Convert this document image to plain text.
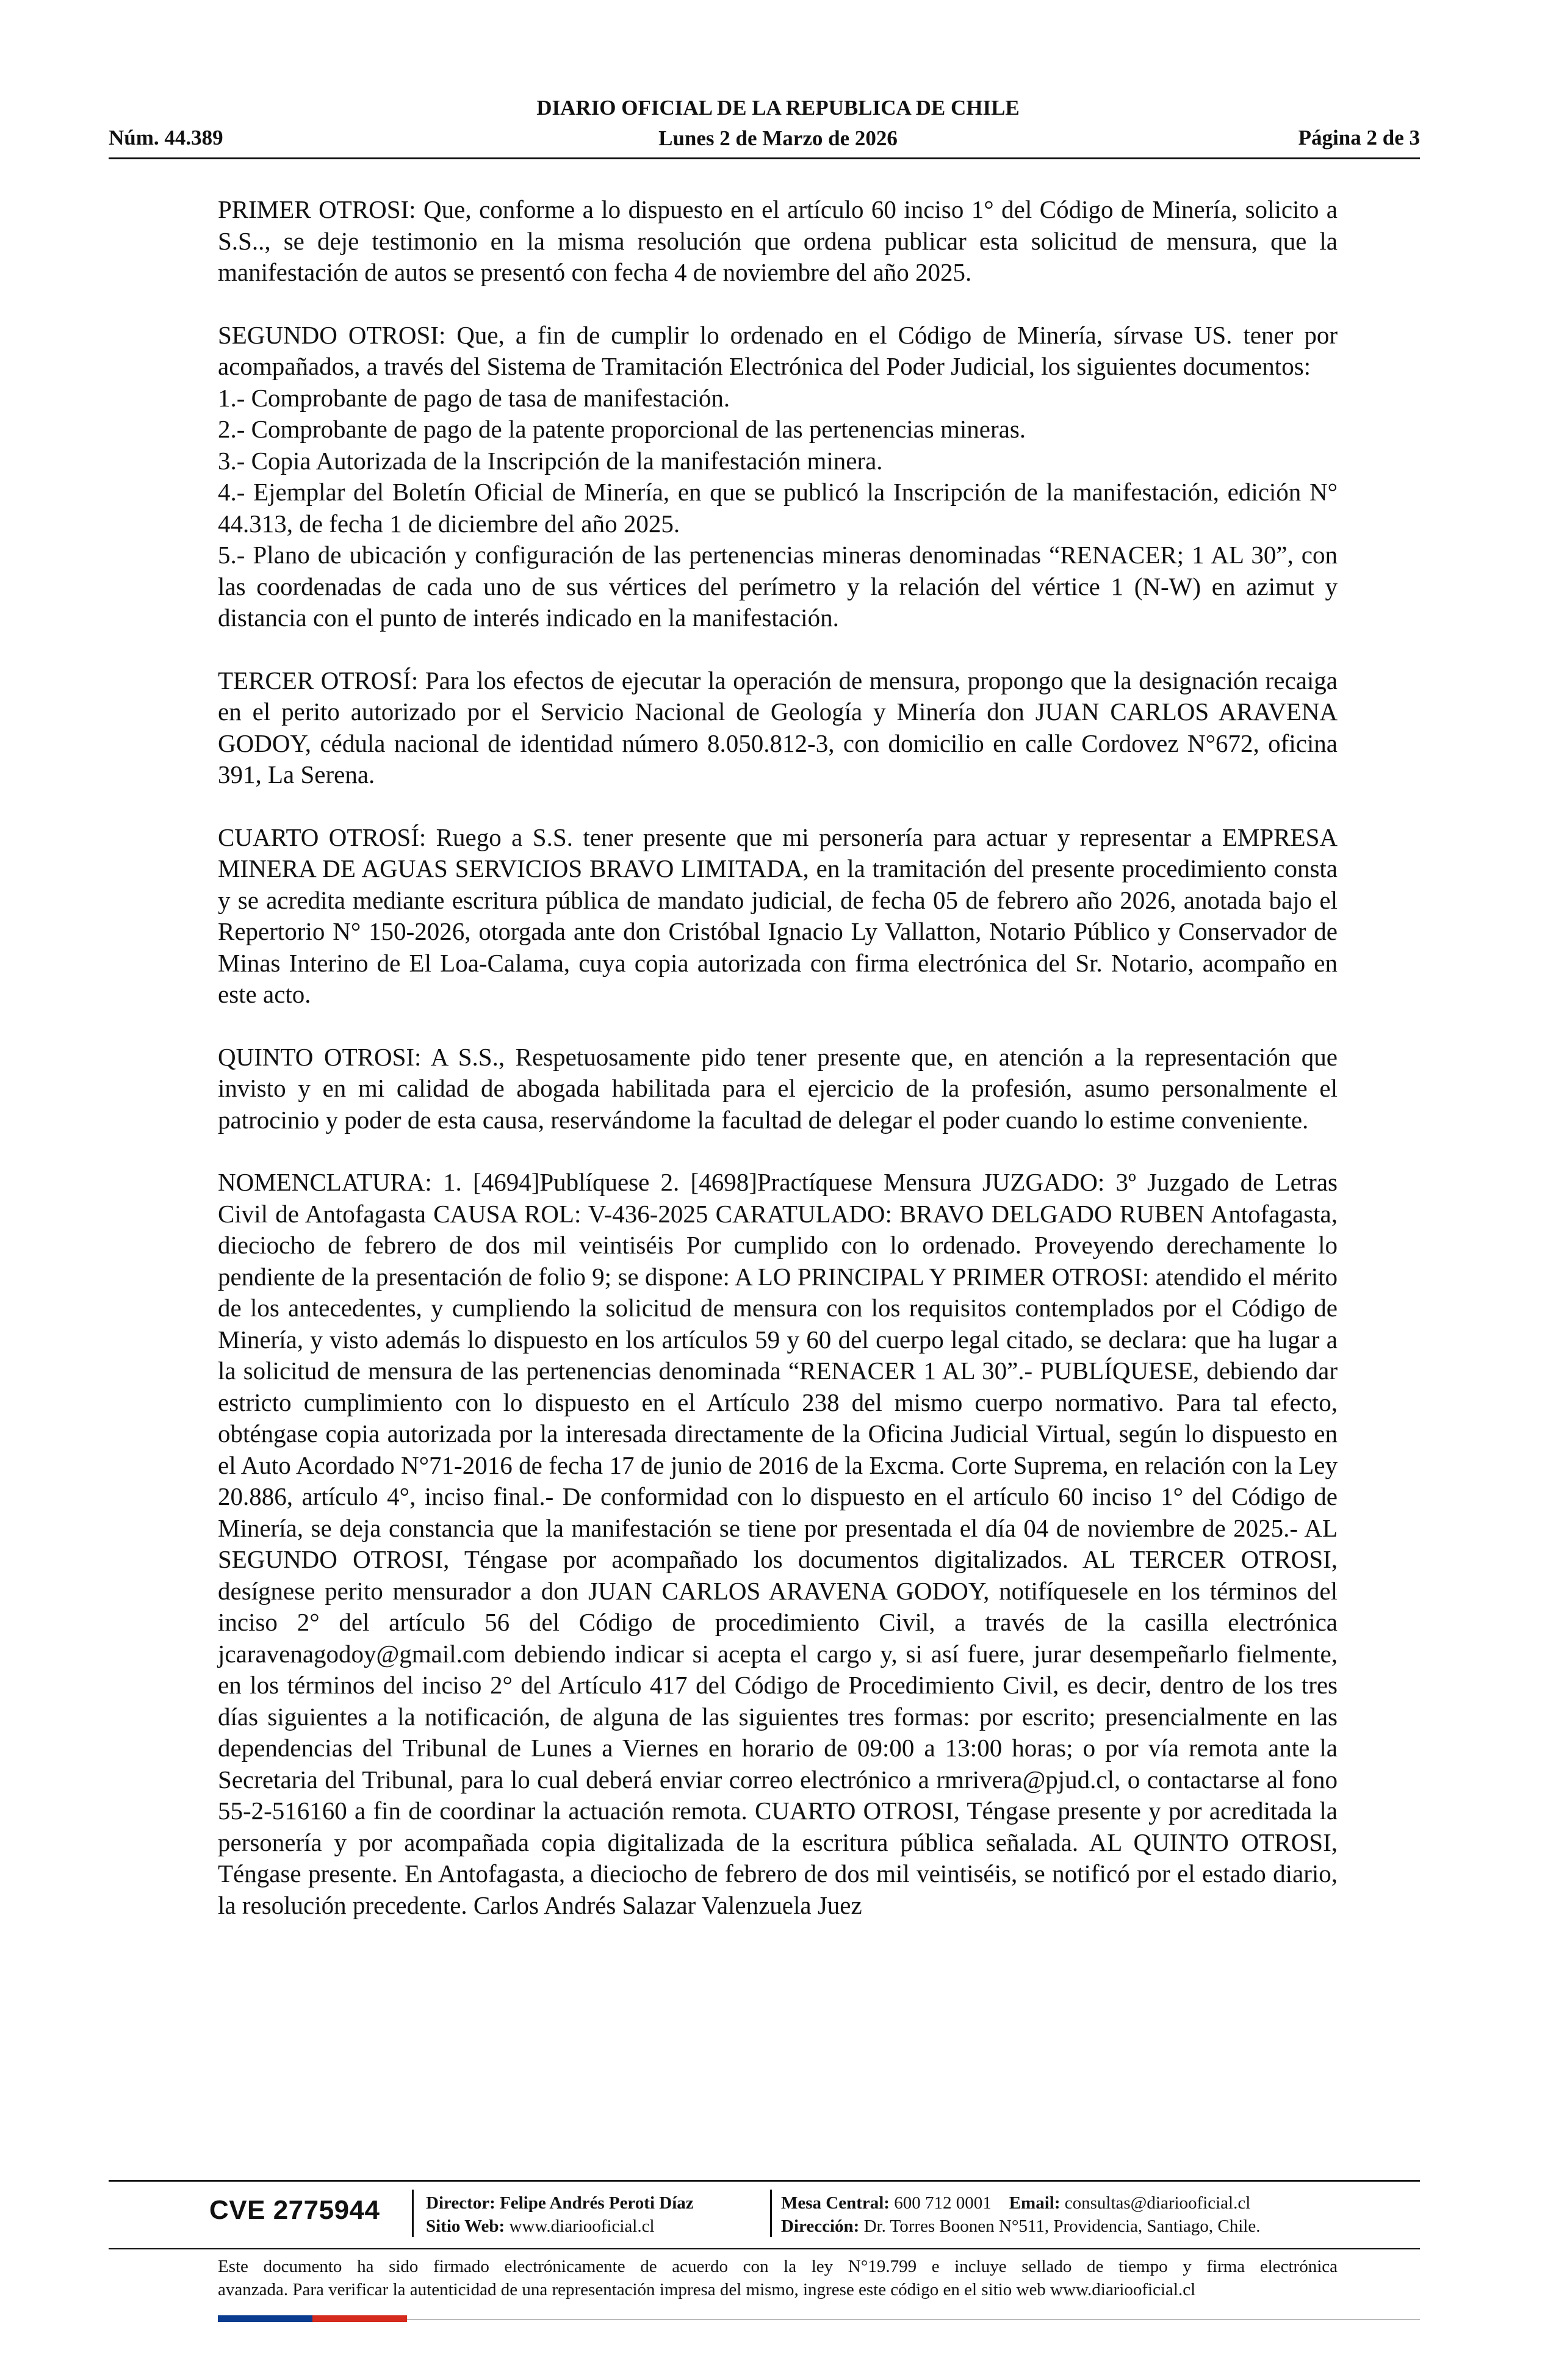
DIARIO OFICIAL DE LA REPUBLICA DE CHILE
Lunes 2 de Marzo de 2026
Núm. 44.389	Página 2 de 3

PRIMER OTROSI: Que, conforme a lo dispuesto en el artículo 60 inciso 1° del Código de Minería, solicito a S.S.., se deje testimonio en la misma resolución que ordena publicar esta solicitud de mensura, que la manifestación de autos se presentó con fecha 4 de noviembre del año 2025.

SEGUNDO OTROSI: Que, a fin de cumplir lo ordenado en el Código de Minería, sírvase US. tener por acompañados, a través del Sistema de Tramitación Electrónica del Poder Judicial, los siguientes documentos:

1.- Comprobante de pago de tasa de manifestación.
2.- Comprobante de pago de la patente proporcional de las pertenencias mineras.
3.- Copia Autorizada de la Inscripción de la manifestación minera.

4.- Ejemplar del Boletín Oficial de Minería, en que se publicó la Inscripción de la manifestación, edición N° 44.313, de fecha 1 de diciembre del año 2025.

5.- Plano de ubicación y configuración de las pertenencias mineras denominadas “RENACER; 1 AL 30”, con las coordenadas de cada uno de sus vértices del perímetro y la relación del vértice 1 (N-W) en azimut y distancia con el punto de interés indicado en la manifestación.

TERCER OTROSÍ: Para los efectos de ejecutar la operación de mensura, propongo que la designación recaiga en el perito autorizado por el Servicio Nacional de Geología y Minería don JUAN CARLOS ARAVENA GODOY, cédula nacional de identidad número 8.050.812-3, con domicilio en calle Cordovez N°672, oficina 391, La Serena.

CUARTO OTROSÍ: Ruego a S.S. tener presente que mi personería para actuar y representar a EMPRESA MINERA DE AGUAS SERVICIOS BRAVO LIMITADA, en la tramitación del presente procedimiento consta y se acredita mediante escritura pública de mandato judicial, de fecha 05 de febrero año 2026, anotada bajo el Repertorio N° 150-2026, otorgada ante don Cristóbal Ignacio Ly Vallatton, Notario Público y Conservador de Minas Interino de El Loa-Calama, cuya copia autorizada con firma electrónica del Sr. Notario, acompaño en este acto.

QUINTO OTROSI: A S.S., Respetuosamente pido tener presente que, en atención a la representación que invisto y en mi calidad de abogada habilitada para el ejercicio de la profesión, asumo personalmente el patrocinio y poder de esta causa, reservándome la facultad de delegar el poder cuando lo estime conveniente.

NOMENCLATURA: 1. [4694]Publíquese 2. [4698]Practíquese Mensura JUZGADO: 3º Juzgado de Letras Civil de Antofagasta CAUSA ROL: V-436-2025 CARATULADO: BRAVO DELGADO RUBEN Antofagasta, dieciocho de febrero de dos mil veintiséis Por cumplido con lo ordenado. Proveyendo derechamente lo pendiente de la presentación de folio 9; se dispone: A LO PRINCIPAL Y PRIMER OTROSI: atendido el mérito de los antecedentes, y cumpliendo la solicitud de mensura con los requisitos contemplados por el Código de Minería, y visto además lo dispuesto en los artículos 59 y 60 del cuerpo legal citado, se declara: que ha lugar a la solicitud de mensura de las pertenencias denominada “RENACER 1 AL 30”.- PUBLÍQUESE, debiendo dar estricto cumplimiento con lo dispuesto en el Artículo 238 del mismo cuerpo normativo. Para tal efecto, obténgase copia autorizada por la interesada directamente de la Oficina Judicial Virtual, según lo dispuesto en el Auto Acordado N°71-2016 de fecha 17 de junio de 2016 de la Excma. Corte Suprema, en relación con la Ley 20.886, artículo 4°, inciso final.- De conformidad con lo dispuesto en el artículo 60 inciso 1° del Código de Minería, se deja constancia que la manifestación se tiene por presentada el día 04 de noviembre de 2025.- AL SEGUNDO OTROSI, Téngase por acompañado los documentos digitalizados. AL TERCER OTROSI, desígnese perito mensurador a don JUAN CARLOS ARAVENA GODOY, notifíquesele en los términos del inciso 2° del artículo 56 del Código de procedimiento Civil, a través de la casilla electrónica jcaravenagodoy@gmail.com debiendo indicar si acepta el cargo y, si así fuere, jurar desempeñarlo fielmente, en los términos del inciso 2° del Artículo 417 del Código de Procedimiento Civil, es decir, dentro de los tres días siguientes a la notificación, de alguna de las siguientes tres formas: por escrito; presencialmente en las dependencias del Tribunal de Lunes a Viernes en horario de 09:00 a 13:00 horas; o por vía remota ante la Secretaria del Tribunal, para lo cual deberá enviar correo electrónico a rmrivera@pjud.cl, o contactarse al fono 55-2-516160 a fin de coordinar la actuación remota. CUARTO OTROSI, Téngase presente y por acreditada la personería y por acompañada copia digitalizada de la escritura pública señalada. AL QUINTO OTROSI, Téngase presente. En Antofagasta, a dieciocho de febrero de dos mil veintiséis, se notificó por el estado diario, la resolución precedente. Carlos Andrés Salazar Valenzuela Juez

CVE 2775944	Director: Felipe Andrés Peroti Díaz
Sitio Web: www.diariooficial.cl
Mesa Central: 600 712 0001 Email: consultas@diariooficial.cl
Dirección: Dr. Torres Boonen N°511, Providencia, Santiago, Chile.
Este documento ha sido firmado electrónicamente de acuerdo con la ley N°19.799 e incluye sellado de tiempo y firma electrónica
avanzada. Para verificar la autenticidad de una representación impresa del mismo, ingrese este código en el sitio web www.diariooficial.cl
